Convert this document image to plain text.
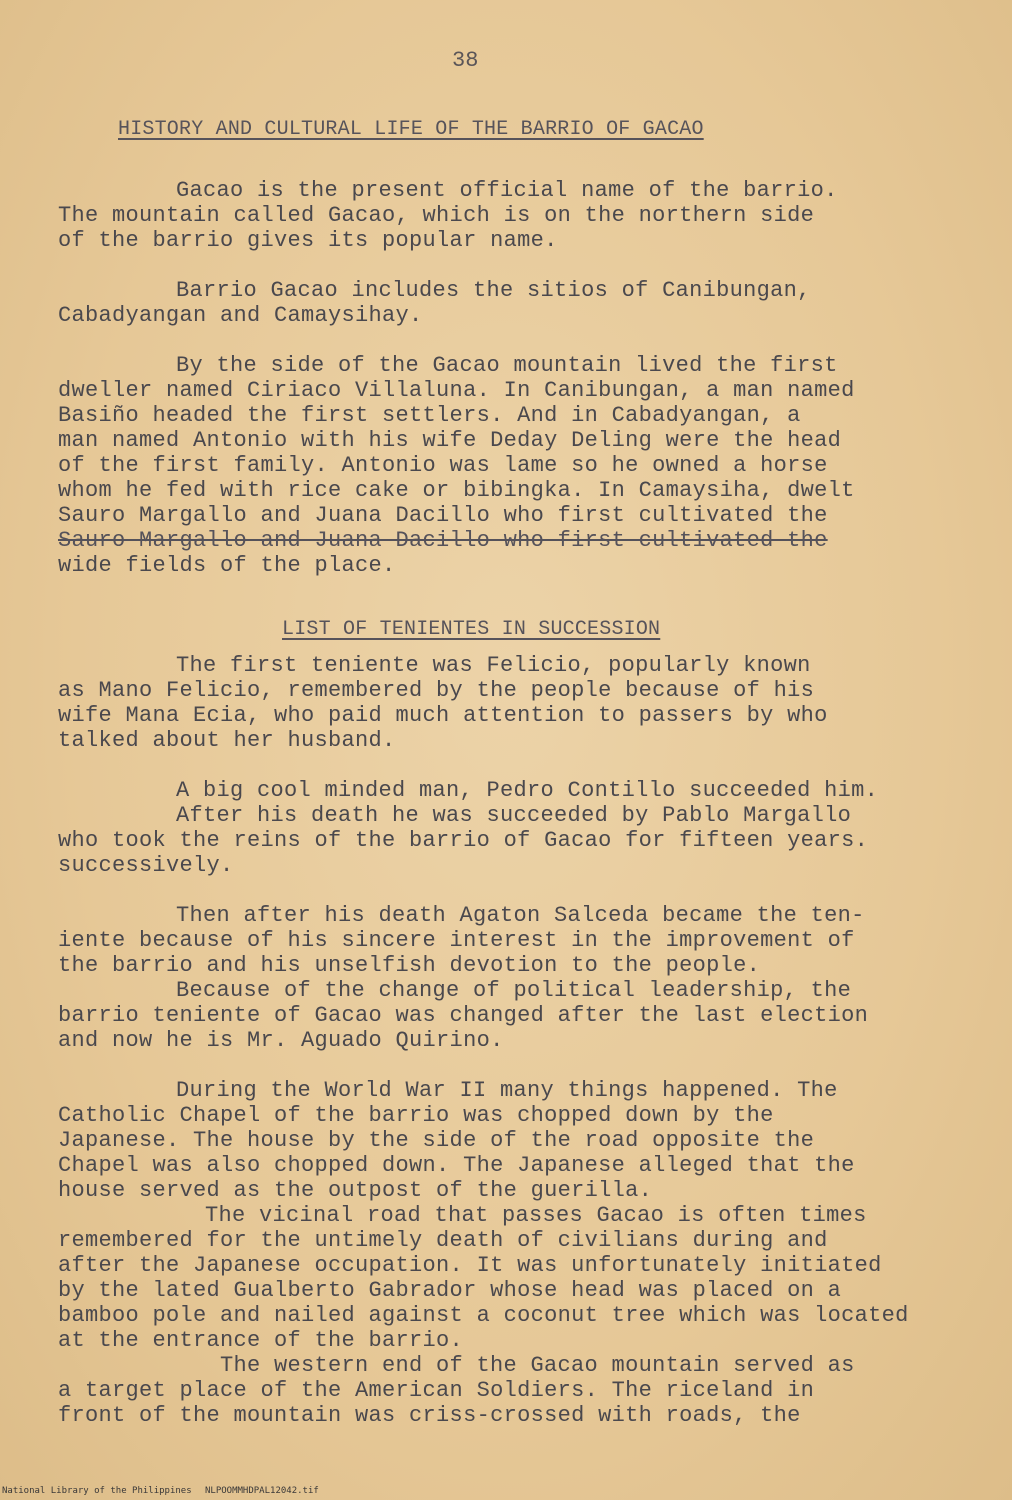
38
HISTORY AND CULTURAL LIFE OF THE BARRIO OF GACAO
LIST OF TENIENTES IN SUCCESSION
Gacao is the present official name of the barrio.
The mountain called Gacao, which is on the northern side
of the barrio gives its popular name.
Barrio Gacao includes the sitios of Canibungan,
Cabadyangan and Camaysihay.
By the side of the Gacao mountain lived the first
dweller named Ciriaco Villaluna. In Canibungan, a man named
Basiño headed the first settlers. And in Cabadyangan, a
man named Antonio with his wife Deday Deling were the head
of the first family. Antonio was lame so he owned a horse
whom he fed with rice cake or bibingka. In Camaysiha, dwelt
Sauro Margallo and Juana Dacillo who first cultivated the
Sauro Margallo and Juana Dacillo who first cultivated the
wide fields of the place.
The first teniente was Felicio, popularly known
as Mano Felicio, remembered by the people because of his
wife Mana Ecia, who paid much attention to passers by who
talked about her husband.
A big cool minded man, Pedro Contillo succeeded him.
After his death he was succeeded by Pablo Margallo
who took the reins of the barrio of Gacao for fifteen years.
successively.
Then after his death Agaton Salceda became the ten-
iente because of his sincere interest in the improvement of
the barrio and his unselfish devotion to the people.
Because of the change of political leadership, the
barrio teniente of Gacao was changed after the last election
and now he is Mr. Aguado Quirino.
During the World War II many things happened. The
Catholic Chapel of the barrio was chopped down by the
Japanese. The house by the side of the road opposite the
Chapel was also chopped down. The Japanese alleged that the
house served as the outpost of the guerilla.
The vicinal road that passes Gacao is often times
remembered for the untimely death of civilians during and
after the Japanese occupation. It was unfortunately initiated
by the lated Gualberto Gabrador whose head was placed on a
bamboo pole and nailed against a coconut tree which was located
at the entrance of the barrio.
The western end of the Gacao mountain served as
a target place of the American Soldiers. The riceland in
front of the mountain was criss-crossed with roads, the
National Library of the Philippines NLPOOMMHDPAL12042.tif
